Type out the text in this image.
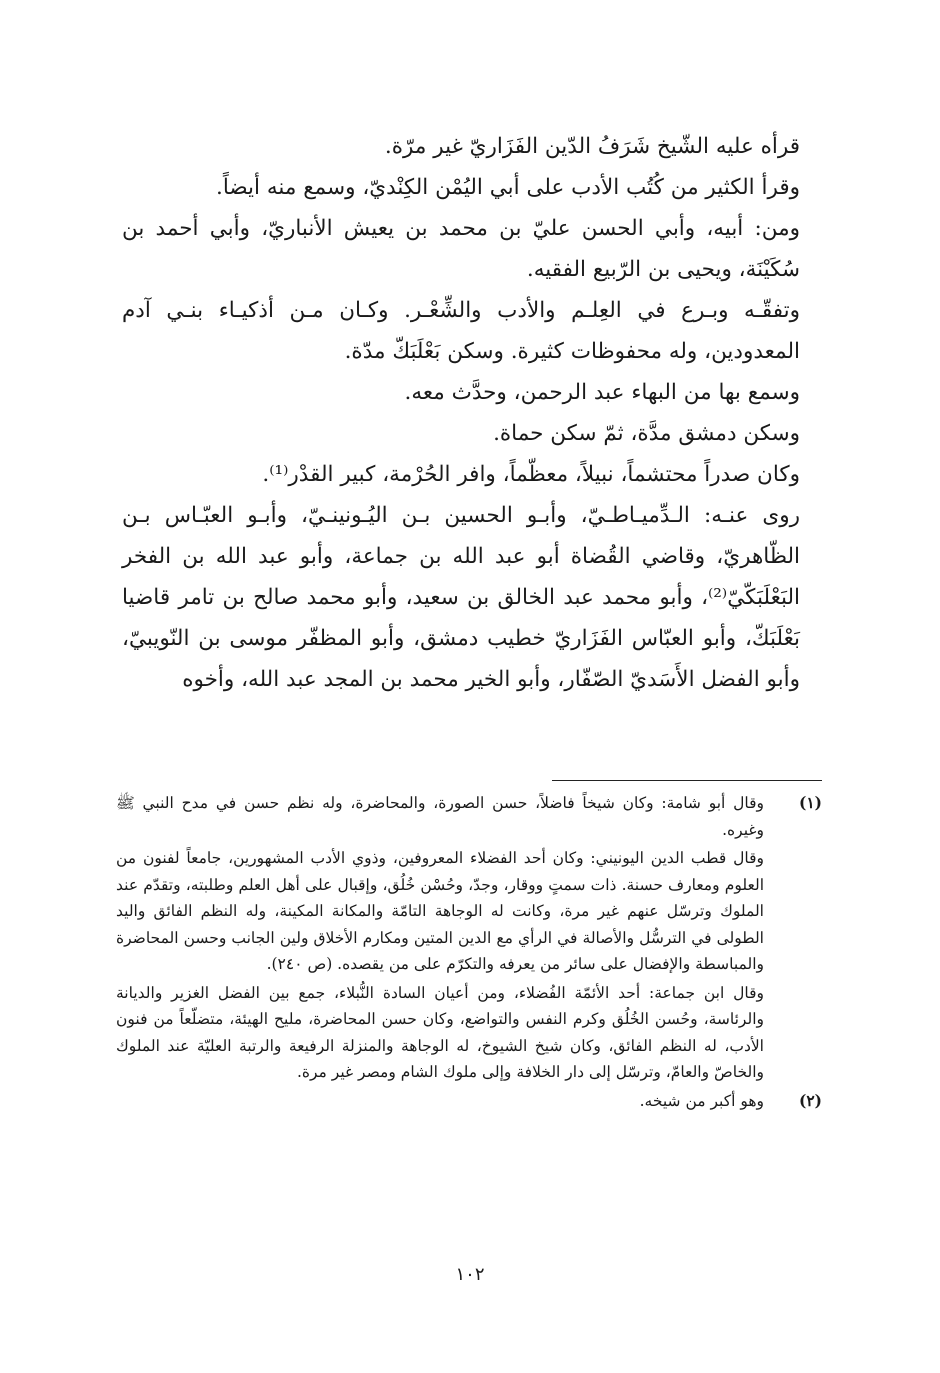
قرأه عليه الشّيخ شَرَفُ الدّين الفَزَاريّ غير مرّة.

وقرأ الكثير من كُتُب الأدب على أبي اليُمْن الكِنْديّ، وسمع منه أيضاً.

ومن: أبيه، وأبي الحسن عليّ بن محمد بن يعيش الأنباريّ، وأبي أحمد بن سُكَيْنَة، ويحيى بن الرّبيع الفقيه.

وتفقّـه وبـرع في العِلـم والأدب والشِّعْـر. وكـان مـن أذكيـاء بنـي آدم المعدودين، وله محفوظات كثيرة. وسكن بَعْلَبَكّ مدّة.

وسمع بها من البهاء عبد الرحمن، وحدَّث معه.

وسكن دمشق مدَّة، ثمّ سكن حماة.

وكان صدراً محتشماً، نبيلاً، معظّماً، وافر الحُرْمة، كبير القدْر⁽¹⁾.

روى عنـه: الـدِّميـاطـيّ، وأبـو الحسين بـن اليُـونينـيّ، وأبـو العبّـاس بـن الظّاهريّ، وقاضي القُضاة أبو عبد الله بن جماعة، وأبو عبد الله بن الفخر البَعْلَبَكّيّ⁽²⁾، وأبو محمد عبد الخالق بن سعيد، وأبو محمد صالح بن تامر قاضيا بَعْلَبَكّ، وأبو العبّاس الفَزَاريّ خطيب دمشق، وأبو المظفّر موسى بن النّويبيّ، وأبو الفضل الأَسَديّ الصّفّار، وأبو الخير محمد بن المجد عبد الله، وأخوه

(١)

وقال أبو شامة: وكان شيخاً فاضلاً، حسن الصورة، والمحاضرة، وله نظم حسن في مدح النبي ﷺ وغيره.

وقال قطب الدين اليونيني: وكان أحد الفضلاء المعروفين، وذوي الأدب المشهورين، جامعاً لفنون من العلوم ومعارف حسنة. ذات سمتٍ ووقار، وجدّ، وحُسْن خُلُق، وإقبال على أهل العلم وطلبته، وتقدّم عند الملوك وترسّل عنهم غير مرة، وكانت له الوجاهة التامّة والمكانة المكينة، وله النظم الفائق واليد الطولى في الترسُّل والأصالة في الرأي مع الدين المتين ومكارم الأخلاق ولين الجانب وحسن المحاضرة والمباسطة والإفضال على سائر من يعرفه والتكرّم على من يقصده. (ص ٢٤٠).

وقال ابن جماعة: أحد الأئمّة الفُضلاء، ومن أعيان السادة النُّبلاء، جمع بين الفضل الغزير والديانة والرئاسة، وحُسن الخُلُق وكرم النفس والتواضع، وكان حسن المحاضرة، مليح الهيئة، متضلّعاً من فنون الأدب، له النظم الفائق، وكان شيخ الشيوخ، له الوجاهة والمنزلة الرفيعة والرتبة العليّة عند الملوك والخاصّ والعامّ، وترسّل إلى دار الخلافة وإلى ملوك الشام ومصر غير مرة.

(٢)

وهو أكبر من شيخه.

١٠٢
